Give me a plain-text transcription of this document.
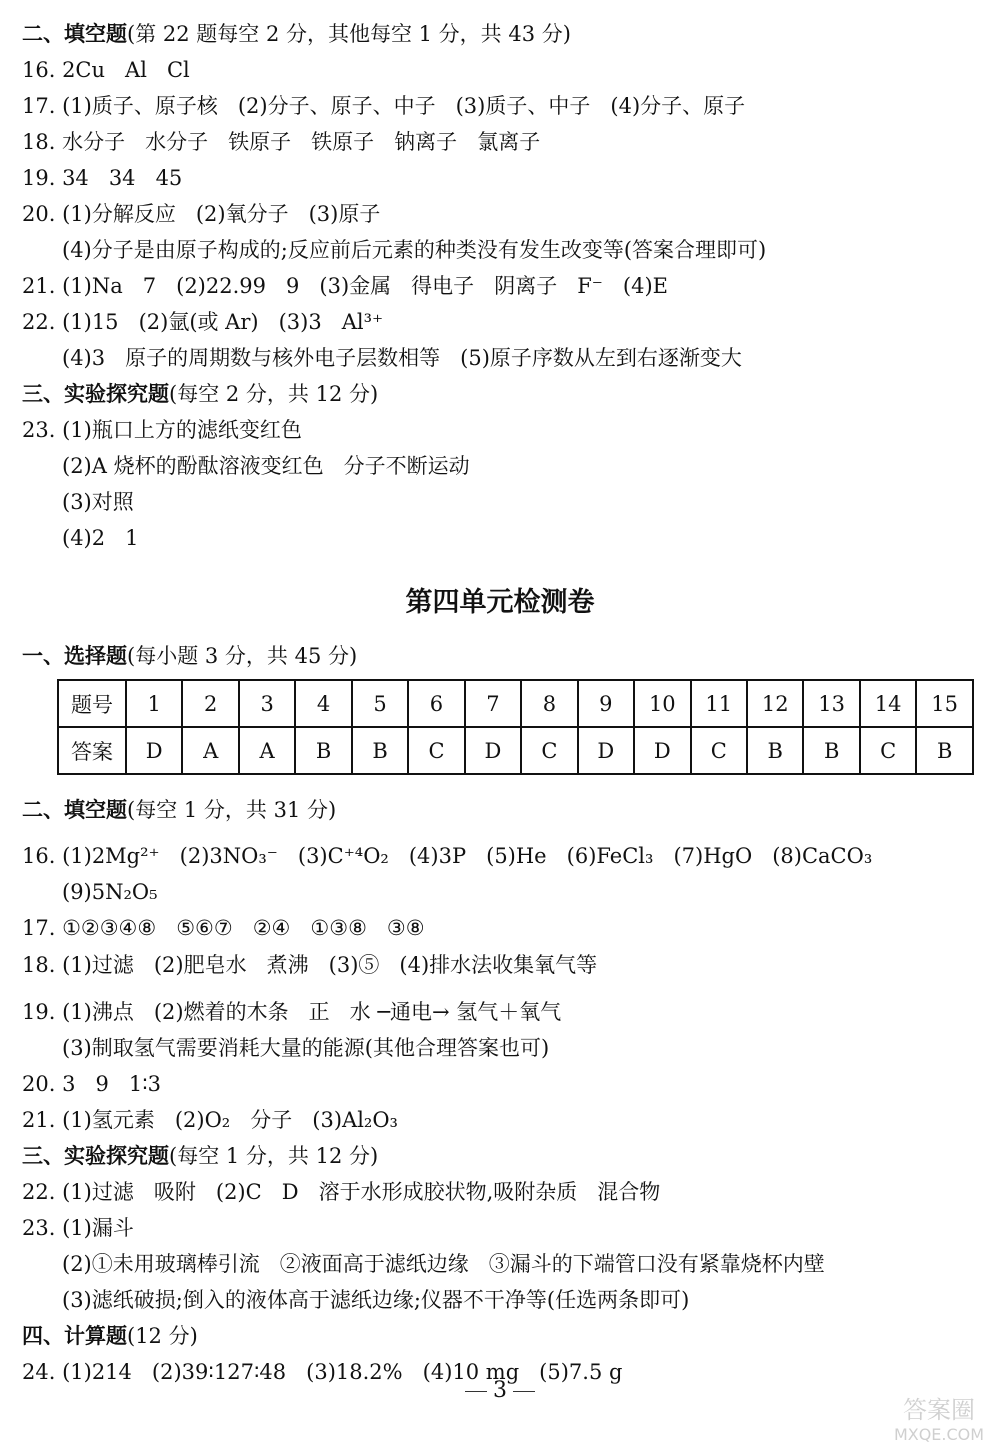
二、填空题(第 22 题每空 2 分，其他每空 1 分，共 43 分)
16. 2Cu   Al   Cl
17. (1)质子、原子核   (2)分子、原子、中子   (3)质子、中子   (4)分子、原子
18. 水分子   水分子   铁原子   铁原子   钠离子   氯离子
19. 34   34   45
20. (1)分解反应   (2)氧分子   (3)原子
(4)分子是由原子构成的;反应前后元素的种类没有发生改变等(答案合理即可)
21. (1)Na   7   (2)22.99   9   (3)金属   得电子   阴离子   F⁻   (4)E
22. (1)15   (2)氩(或 Ar)   (3)3   Al³⁺
(4)3   原子的周期数与核外电子层数相等   (5)原子序数从左到右逐渐变大
三、实验探究题(每空 2 分，共 12 分)
23. (1)瓶口上方的滤纸变红色
(2)A 烧杯的酚酞溶液变红色   分子不断运动
(3)对照
(4)2   1
第四单元检测卷
一、选择题(每小题 3 分，共 45 分)
题号	1	2	3	4	5	6	7	8	9	10	11	12	13	14	15
答案	D	A	A	B	B	C	D	C	D	D	C	B	B	C	B
二、填空题(每空 1 分，共 31 分)
16. (1)2Mg²⁺   (2)3NO₃⁻   (3)C⁺⁴O₂   (4)3P   (5)He   (6)FeCl₃   (7)HgO   (8)CaCO₃
(9)5N₂O₅
17. ①②③④⑧   ⑤⑥⑦   ②④   ①③⑧   ③⑧
18. (1)过滤   (2)肥皂水   煮沸   (3)⑤   (4)排水法收集氧气等
19. (1)沸点   (2)燃着的木条   正   水 ─通电→ 氢气＋氧气
(3)制取氢气需要消耗大量的能源(其他合理答案也可)
20. 3   9   1∶3
21. (1)氢元素   (2)O₂   分子   (3)Al₂O₃
三、实验探究题(每空 1 分，共 12 分)
22. (1)过滤   吸附   (2)C   D   溶于水形成胶状物,吸附杂质   混合物
23. (1)漏斗
(2)①未用玻璃棒引流   ②液面高于滤纸边缘   ③漏斗的下端管口没有紧靠烧杯内壁
(3)滤纸破损;倒入的液体高于滤纸边缘;仪器不干净等(任选两条即可)
四、计算题(12 分)
24. (1)214   (2)39∶127∶48   (3)18.2%   (4)10 mg   (5)7.5 g
3
答案圈
MXQE.COM
